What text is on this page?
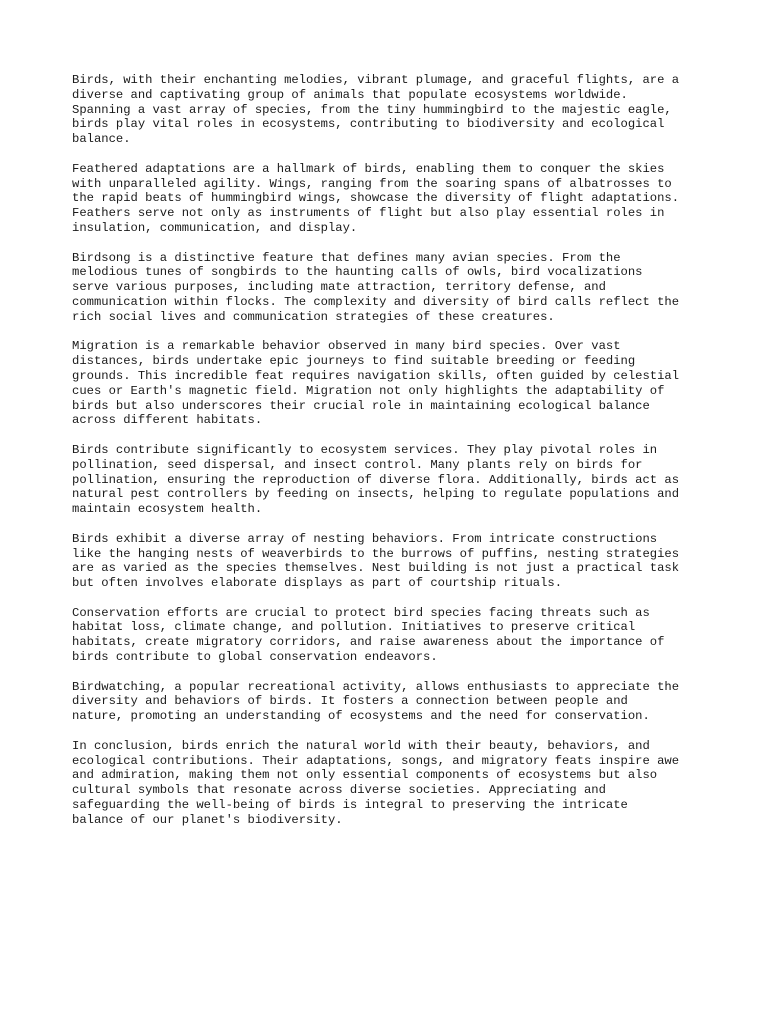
Birds, with their enchanting melodies, vibrant plumage, and graceful flights, are a
diverse and captivating group of animals that populate ecosystems worldwide.
Spanning a vast array of species, from the tiny hummingbird to the majestic eagle,
birds play vital roles in ecosystems, contributing to biodiversity and ecological
balance.

Feathered adaptations are a hallmark of birds, enabling them to conquer the skies
with unparalleled agility. Wings, ranging from the soaring spans of albatrosses to
the rapid beats of hummingbird wings, showcase the diversity of flight adaptations.
Feathers serve not only as instruments of flight but also play essential roles in
insulation, communication, and display.

Birdsong is a distinctive feature that defines many avian species. From the
melodious tunes of songbirds to the haunting calls of owls, bird vocalizations
serve various purposes, including mate attraction, territory defense, and
communication within flocks. The complexity and diversity of bird calls reflect the
rich social lives and communication strategies of these creatures.

Migration is a remarkable behavior observed in many bird species. Over vast
distances, birds undertake epic journeys to find suitable breeding or feeding
grounds. This incredible feat requires navigation skills, often guided by celestial
cues or Earth's magnetic field. Migration not only highlights the adaptability of
birds but also underscores their crucial role in maintaining ecological balance
across different habitats.

Birds contribute significantly to ecosystem services. They play pivotal roles in
pollination, seed dispersal, and insect control. Many plants rely on birds for
pollination, ensuring the reproduction of diverse flora. Additionally, birds act as
natural pest controllers by feeding on insects, helping to regulate populations and
maintain ecosystem health.

Birds exhibit a diverse array of nesting behaviors. From intricate constructions
like the hanging nests of weaverbirds to the burrows of puffins, nesting strategies
are as varied as the species themselves. Nest building is not just a practical task
but often involves elaborate displays as part of courtship rituals.

Conservation efforts are crucial to protect bird species facing threats such as
habitat loss, climate change, and pollution. Initiatives to preserve critical
habitats, create migratory corridors, and raise awareness about the importance of
birds contribute to global conservation endeavors.

Birdwatching, a popular recreational activity, allows enthusiasts to appreciate the
diversity and behaviors of birds. It fosters a connection between people and
nature, promoting an understanding of ecosystems and the need for conservation.

In conclusion, birds enrich the natural world with their beauty, behaviors, and
ecological contributions. Their adaptations, songs, and migratory feats inspire awe
and admiration, making them not only essential components of ecosystems but also
cultural symbols that resonate across diverse societies. Appreciating and
safeguarding the well-being of birds is integral to preserving the intricate
balance of our planet's biodiversity.
